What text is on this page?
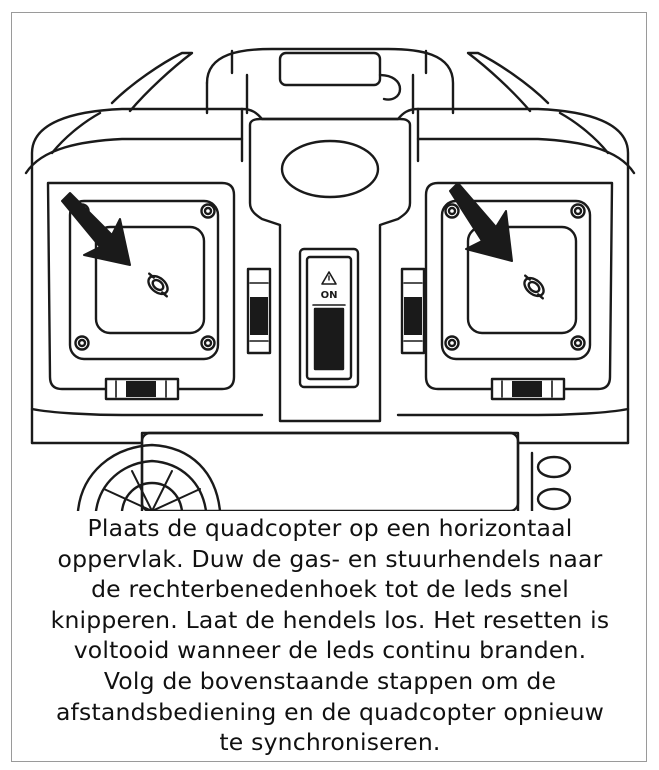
ON
Plaats de quadcopter op een horizontaal
oppervlak. Duw de gas- en stuurhendels naar
de rechterbenedenhoek tot de leds snel
knipperen. Laat de hendels los. Het resetten is
voltooid wanneer de leds continu branden.
Volg de bovenstaande stappen om de
afstandsbediening en de quadcopter opnieuw
te synchroniseren.
